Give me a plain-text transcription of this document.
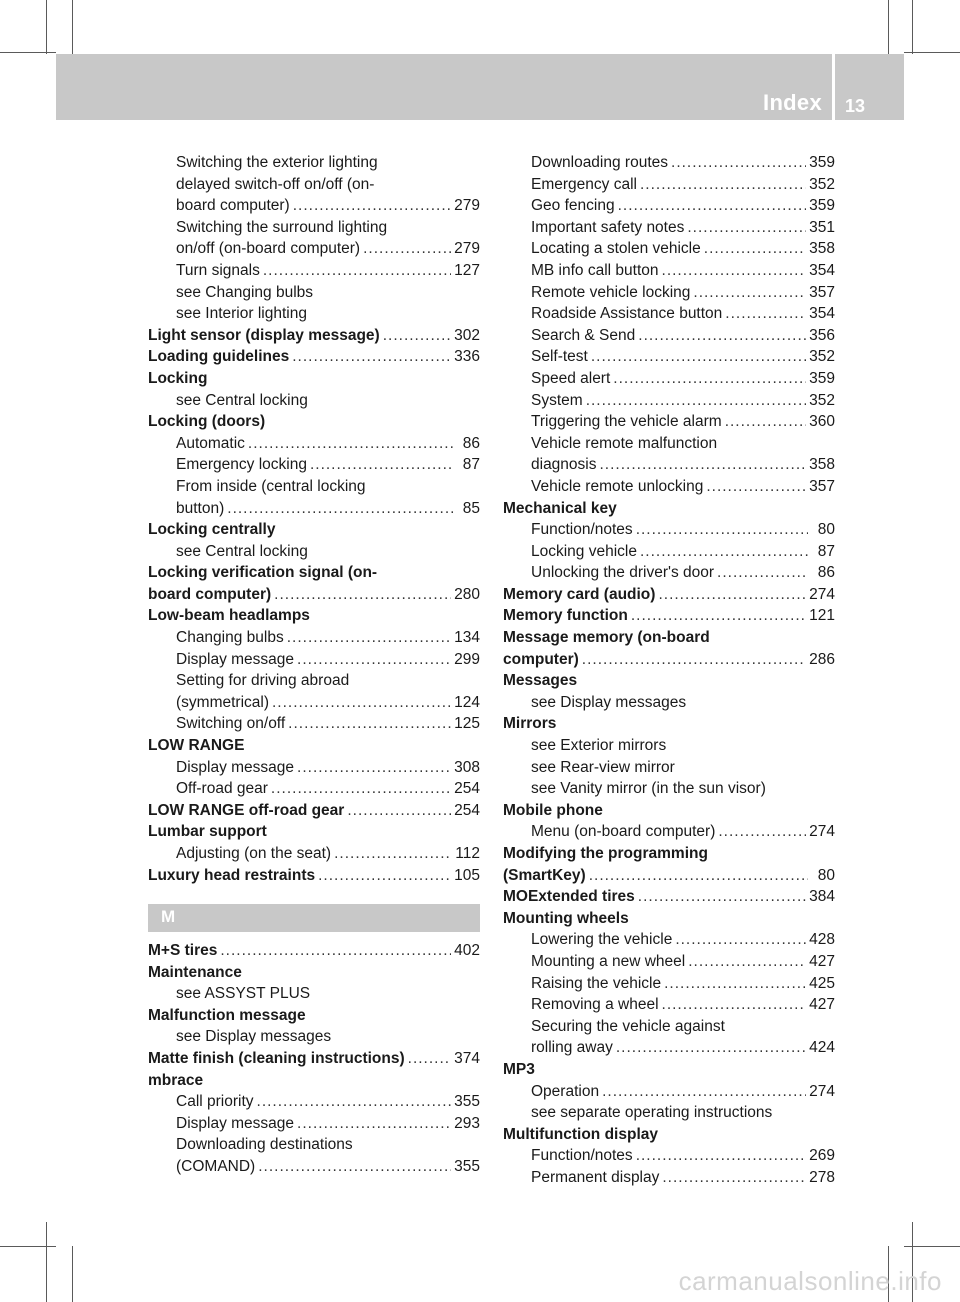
Index 13
Switching the exterior lighting
delayed switch-off on/off (on-
board computer) .....	279
Switching the surround lighting
on/off (on-board computer) .....	279
Turn signals .....	127
see Changing bulbs
see Interior lighting
Light sensor (display message) .....	302
Loading guidelines .....	336
Locking
see Central locking
Locking (doors)
Automatic .....	86
Emergency locking .....	87
From inside (central locking
button) .....	85
Locking centrally
see Central locking
Locking verification signal (on-
board computer) .....	280
Low-beam headlamps
Changing bulbs .....	134
Display message .....	299
Setting for driving abroad
(symmetrical) .....	124
Switching on/off .....	125
LOW RANGE
Display message .....	308
Off-road gear .....	254
LOW RANGE off-road gear .....	254
Lumbar support
Adjusting (on the seat) .....	112
Luxury head restraints .....	105
M+S tires .....	402
Maintenance
see ASSYST PLUS
Malfunction message
see Display messages
Matte finish (cleaning instructions) .....	374
mbrace
Call priority .....	355
Display message .....	293
Downloading destinations
(COMAND) .....	355
M
Downloading routes .....	359
Emergency call .....	352
Geo fencing .....	359
Important safety notes .....	351
Locating a stolen vehicle .....	358
MB info call button .....	354
Remote vehicle locking .....	357
Roadside Assistance button .....	354
Search & Send .....	356
Self-test .....	352
Speed alert .....	359
System .....	352
Triggering the vehicle alarm .....	360
Vehicle remote malfunction
diagnosis .....	358
Vehicle remote unlocking .....	357
Mechanical key
Function/notes .....	80
Locking vehicle .....	87
Unlocking the driver's door .....	86
Memory card (audio) .....	274
Memory function .....	121
Message memory (on-board
computer) .....	286
Messages
see Display messages
Mirrors
see Exterior mirrors
see Rear-view mirror
see Vanity mirror (in the sun visor)
Mobile phone
Menu (on-board computer) .....	274
Modifying the programming
(SmartKey) .....	80
MOExtended tires .....	384
Mounting wheels
Lowering the vehicle .....	428
Mounting a new wheel .....	427
Raising the vehicle .....	425
Removing a wheel .....	427
Securing the vehicle against
rolling away .....	424
MP3
Operation .....	274
see separate operating instructions
Multifunction display
Function/notes .....	269
Permanent display .....	278
carmanualsonline.info
